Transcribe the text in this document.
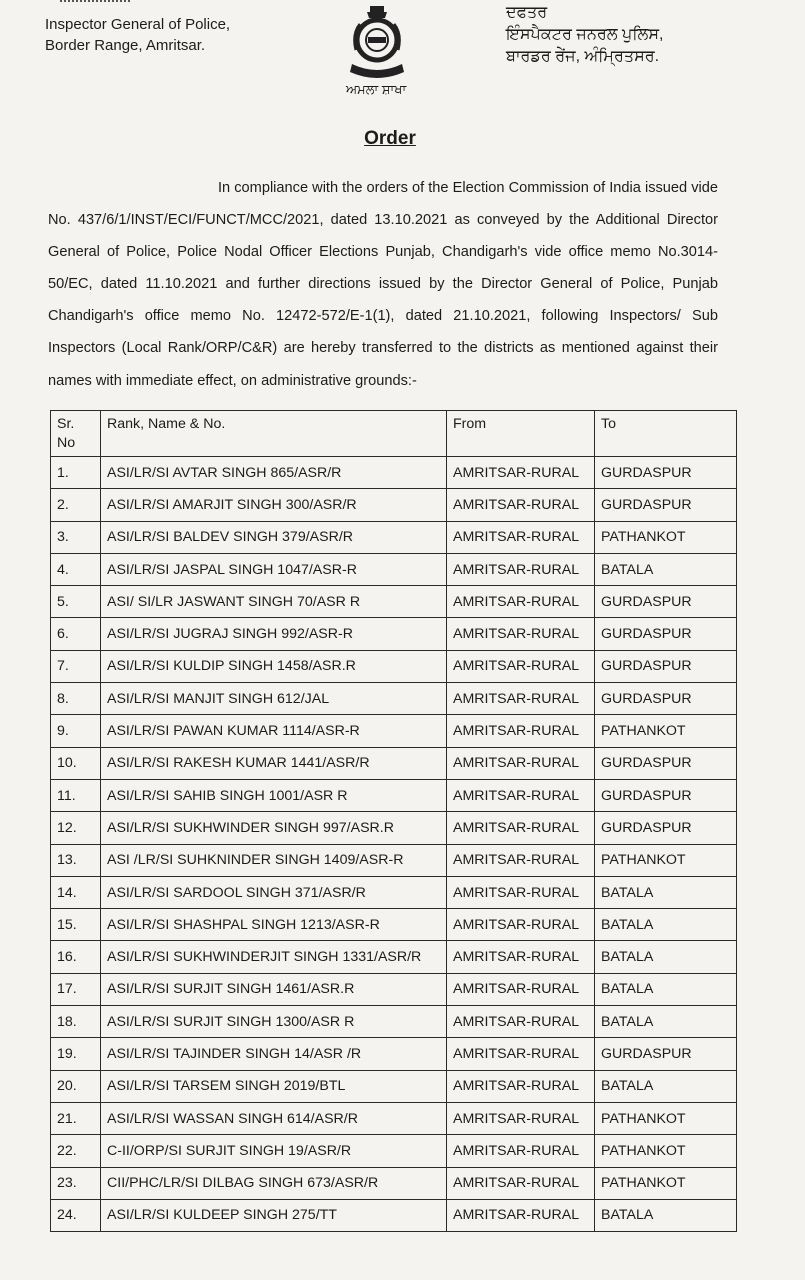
Inspector General of Police,
Border Range, Amritsar.
ਦਫਤਰ
ਇੰਸਪੈਕਟਰ ਜਨਰਲ ਪੁਲਿਸ,
ਬਾਰਡਰ ਰੇਂਜ, ਅੰਮ੍ਰਿਤਸਰ.
ਅਮਲਾ ਸ਼ਾਖਾ
Order
In compliance with the orders of the Election Commission of India issued vide No. 437/6/1/INST/ECI/FUNCT/MCC/2021, dated 13.10.2021 as conveyed by the Additional Director General of Police, Police Nodal Officer Elections Punjab, Chandigarh's vide office memo No.3014-50/EC, dated 11.10.2021 and further directions issued by the Director General of Police, Punjab Chandigarh's office memo No. 12472-572/E-1(1), dated 21.10.2021, following Inspectors/ Sub Inspectors (Local Rank/ORP/C&R) are hereby transferred to the districts as mentioned against their names with immediate effect, on administrative grounds:-
Sr. No	Rank, Name & No.	From	To
1.	ASI/LR/SI AVTAR SINGH 865/ASR/R	AMRITSAR-RURAL	GURDASPUR
2.	ASI/LR/SI AMARJIT SINGH 300/ASR/R	AMRITSAR-RURAL	GURDASPUR
3.	ASI/LR/SI BALDEV SINGH 379/ASR/R	AMRITSAR-RURAL	PATHANKOT
4.	ASI/LR/SI JASPAL SINGH 1047/ASR-R	AMRITSAR-RURAL	BATALA
5.	ASI/ SI/LR JASWANT SINGH 70/ASR R	AMRITSAR-RURAL	GURDASPUR
6.	ASI/LR/SI JUGRAJ SINGH 992/ASR-R	AMRITSAR-RURAL	GURDASPUR
7.	ASI/LR/SI KULDIP SINGH 1458/ASR.R	AMRITSAR-RURAL	GURDASPUR
8.	ASI/LR/SI MANJIT SINGH 612/JAL	AMRITSAR-RURAL	GURDASPUR
9.	ASI/LR/SI PAWAN KUMAR 1114/ASR-R	AMRITSAR-RURAL	PATHANKOT
10.	ASI/LR/SI RAKESH KUMAR 1441/ASR/R	AMRITSAR-RURAL	GURDASPUR
11.	ASI/LR/SI SAHIB SINGH 1001/ASR R	AMRITSAR-RURAL	GURDASPUR
12.	ASI/LR/SI SUKHWINDER SINGH 997/ASR.R	AMRITSAR-RURAL	GURDASPUR
13.	ASI /LR/SI SUHKNINDER SINGH 1409/ASR-R	AMRITSAR-RURAL	PATHANKOT
14.	ASI/LR/SI SARDOOL SINGH 371/ASR/R	AMRITSAR-RURAL	BATALA
15.	ASI/LR/SI SHASHPAL SINGH 1213/ASR-R	AMRITSAR-RURAL	BATALA
16.	ASI/LR/SI SUKHWINDERJIT SINGH 1331/ASR/R	AMRITSAR-RURAL	BATALA
17.	ASI/LR/SI SURJIT SINGH 1461/ASR.R	AMRITSAR-RURAL	BATALA
18.	ASI/LR/SI SURJIT SINGH 1300/ASR R	AMRITSAR-RURAL	BATALA
19.	ASI/LR/SI TAJINDER SINGH 14/ASR /R	AMRITSAR-RURAL	GURDASPUR
20.	ASI/LR/SI TARSEM SINGH 2019/BTL	AMRITSAR-RURAL	BATALA
21.	ASI/LR/SI WASSAN SINGH 614/ASR/R	AMRITSAR-RURAL	PATHANKOT
22.	C-II/ORP/SI SURJIT SINGH 19/ASR/R	AMRITSAR-RURAL	PATHANKOT
23.	CII/PHC/LR/SI DILBAG SINGH 673/ASR/R	AMRITSAR-RURAL	PATHANKOT
24.	ASI/LR/SI KULDEEP SINGH 275/TT	AMRITSAR-RURAL	BATALA
